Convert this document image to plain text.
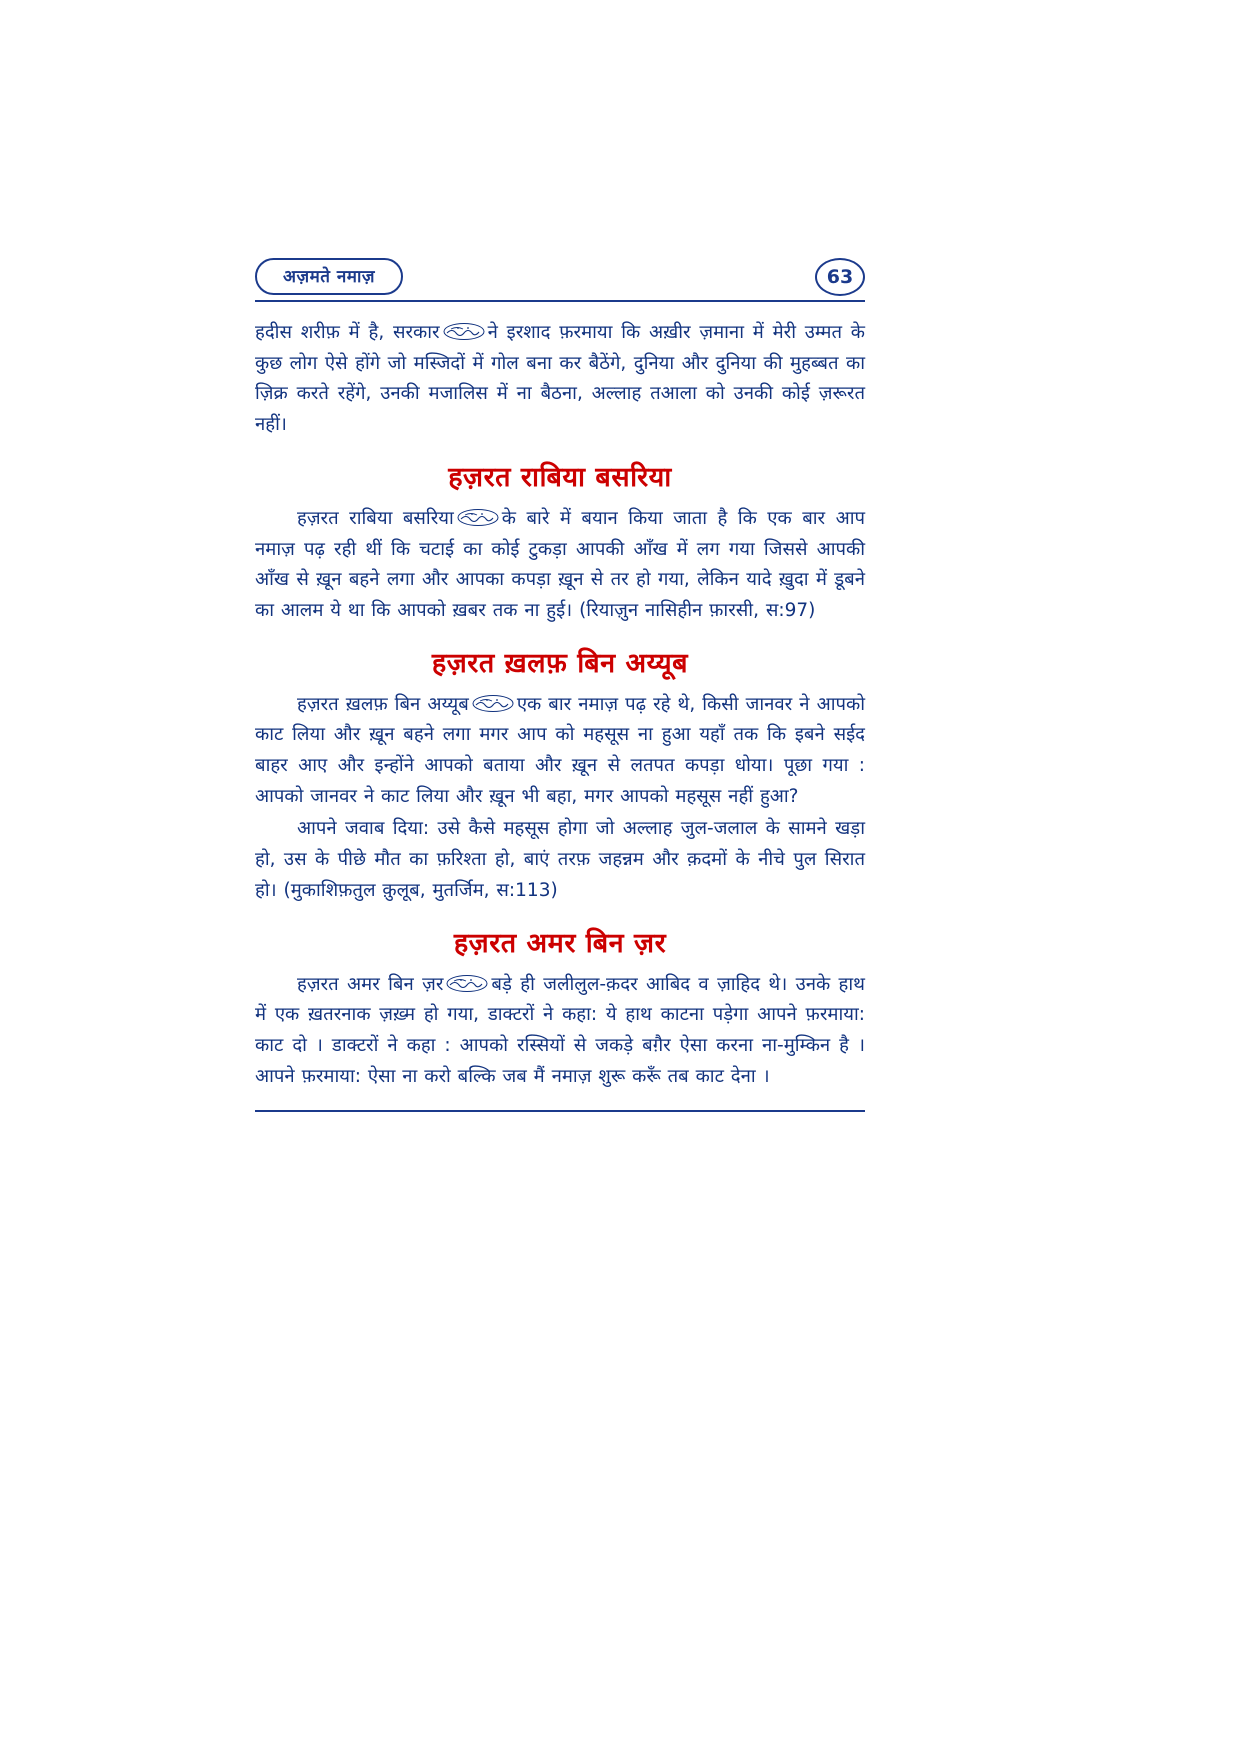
अज़मते नमाज़	63

हदीस शरीफ़ में है, सरकार	ने इरशाद फ़रमाया कि अख़ीर ज़माना में मेरी उम्मत के कुछ लोग ऐसे होंगे जो मस्जिदों में गोल बना कर बैठेंगे, दुनिया और दुनिया की मुहब्बत का ज़िक्र करते रहेंगे, उनकी मजालिस में ना बैठना, अल्लाह तआला को उनकी कोई ज़रूरत नहीं।

हज़रत राबिया बसरिया

हज़रत राबिया बसरिया	के बारे में बयान किया जाता है कि एक बार आप नमाज़ पढ़ रही थीं कि चटाई का कोई टुकड़ा आपकी आँख में लग गया जिससे आपकी आँख से ख़ून बहने लगा और आपका कपड़ा ख़ून से तर हो गया, लेकिन यादे ख़ुदा में डूबने का आलम ये था कि आपको ख़बर तक ना हुई। (रियाज़ुन नासिहीन फ़ारसी, स:97)

हज़रत ख़लफ़ बिन अय्यूब

हज़रत ख़लफ़ बिन अय्यूब	एक बार नमाज़ पढ़ रहे थे, किसी जानवर ने आपको काट लिया और ख़ून बहने लगा मगर आप को महसूस ना हुआ यहाँ तक कि इबने सईद बाहर आए और इन्होंने आपको बताया और ख़ून से लतपत कपड़ा धोया। पूछा गया : आपको जानवर ने काट लिया और ख़ून भी बहा, मगर आपको महसूस नहीं हुआ?

आपने जवाब दिया: उसे कैसे महसूस होगा जो अल्लाह जुल-जलाल के सामने खड़ा हो, उस के पीछे मौत का फ़रिश्ता हो, बाएं तरफ़ जहन्नम और क़दमों के नीचे पुल सिरात हो। (मुकाशिफ़तुल क़ुलूब, मुतर्जिम, स:113)

हज़रत अमर बिन ज़र

हज़रत अमर बिन ज़र	बड़े ही जलीलुल-क़दर आबिद व ज़ाहिद थे। उनके हाथ में एक ख़तरनाक ज़ख़्म हो गया, डाक्टरों ने कहा: ये हाथ काटना पड़ेगा आपने फ़रमाया: काट दो । डाक्टरों ने कहा : आपको रस्सियों से जकड़े बग़ैर ऐसा करना ना-मुम्किन है । आपने फ़रमाया: ऐसा ना करो बल्कि जब मैं नमाज़ शुरू करूँ तब काट देना ।
